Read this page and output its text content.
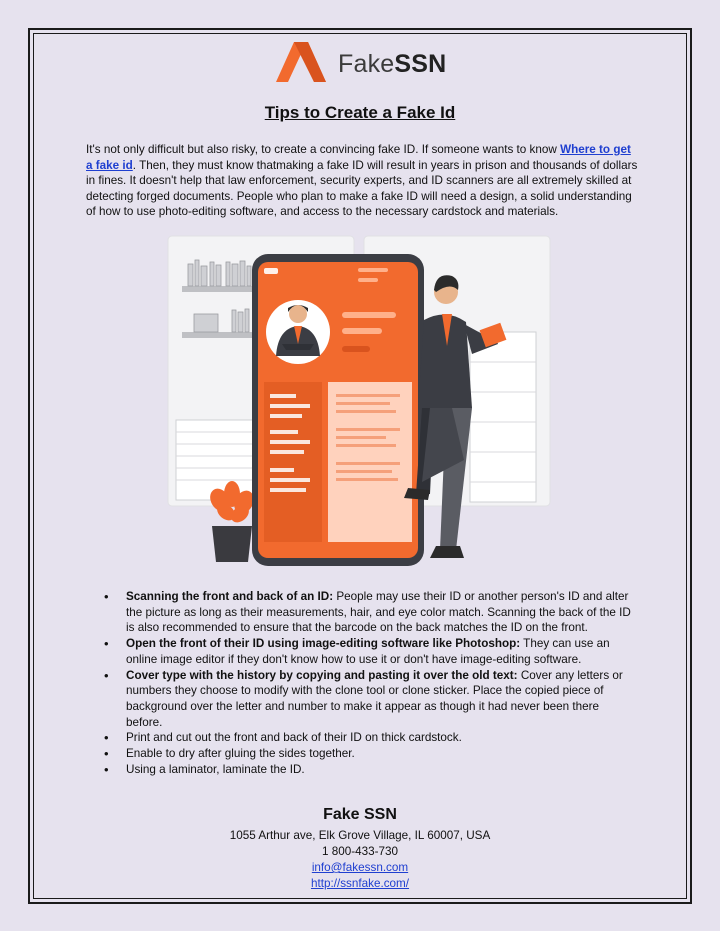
FakeSSN
Tips to Create a Fake Id

It's not only difficult but also risky, to create a convincing fake ID. If someone wants to know Where to get a fake id. Then, they must know thatmaking a fake ID will result in years in prison and thousands of dollars in fines. It doesn't help that law enforcement, security experts, and ID scanners are all extremely skilled at detecting forged documents. People who plan to make a fake ID will need a design, a solid understanding of how to use photo-editing software, and access to the necessary cardstock and materials.

• Scanning the front and back of an ID: People may use their ID or another person's ID and alter the picture as long as their measurements, hair, and eye color match. Scanning the back of the ID is also recommended to ensure that the barcode on the back matches the ID on the front.
• Open the front of their ID using image-editing software like Photoshop: They can use an online image editor if they don't know how to use it or don't have image-editing software.
• Cover type with the history by copying and pasting it over the old text: Cover any letters or numbers they choose to modify with the clone tool or clone sticker. Place the copied piece of background over the letter and number to make it appear as though it had never been there before.
• Print and cut out the front and back of their ID on thick cardstock.
• Enable to dry after gluing the sides together.
• Using a laminator, laminate the ID.
Fake SSN
1055 Arthur ave, Elk Grove Village, IL 60007, USA
1 800-433-730
info@fakessn.com
http://ssnfake.com/
